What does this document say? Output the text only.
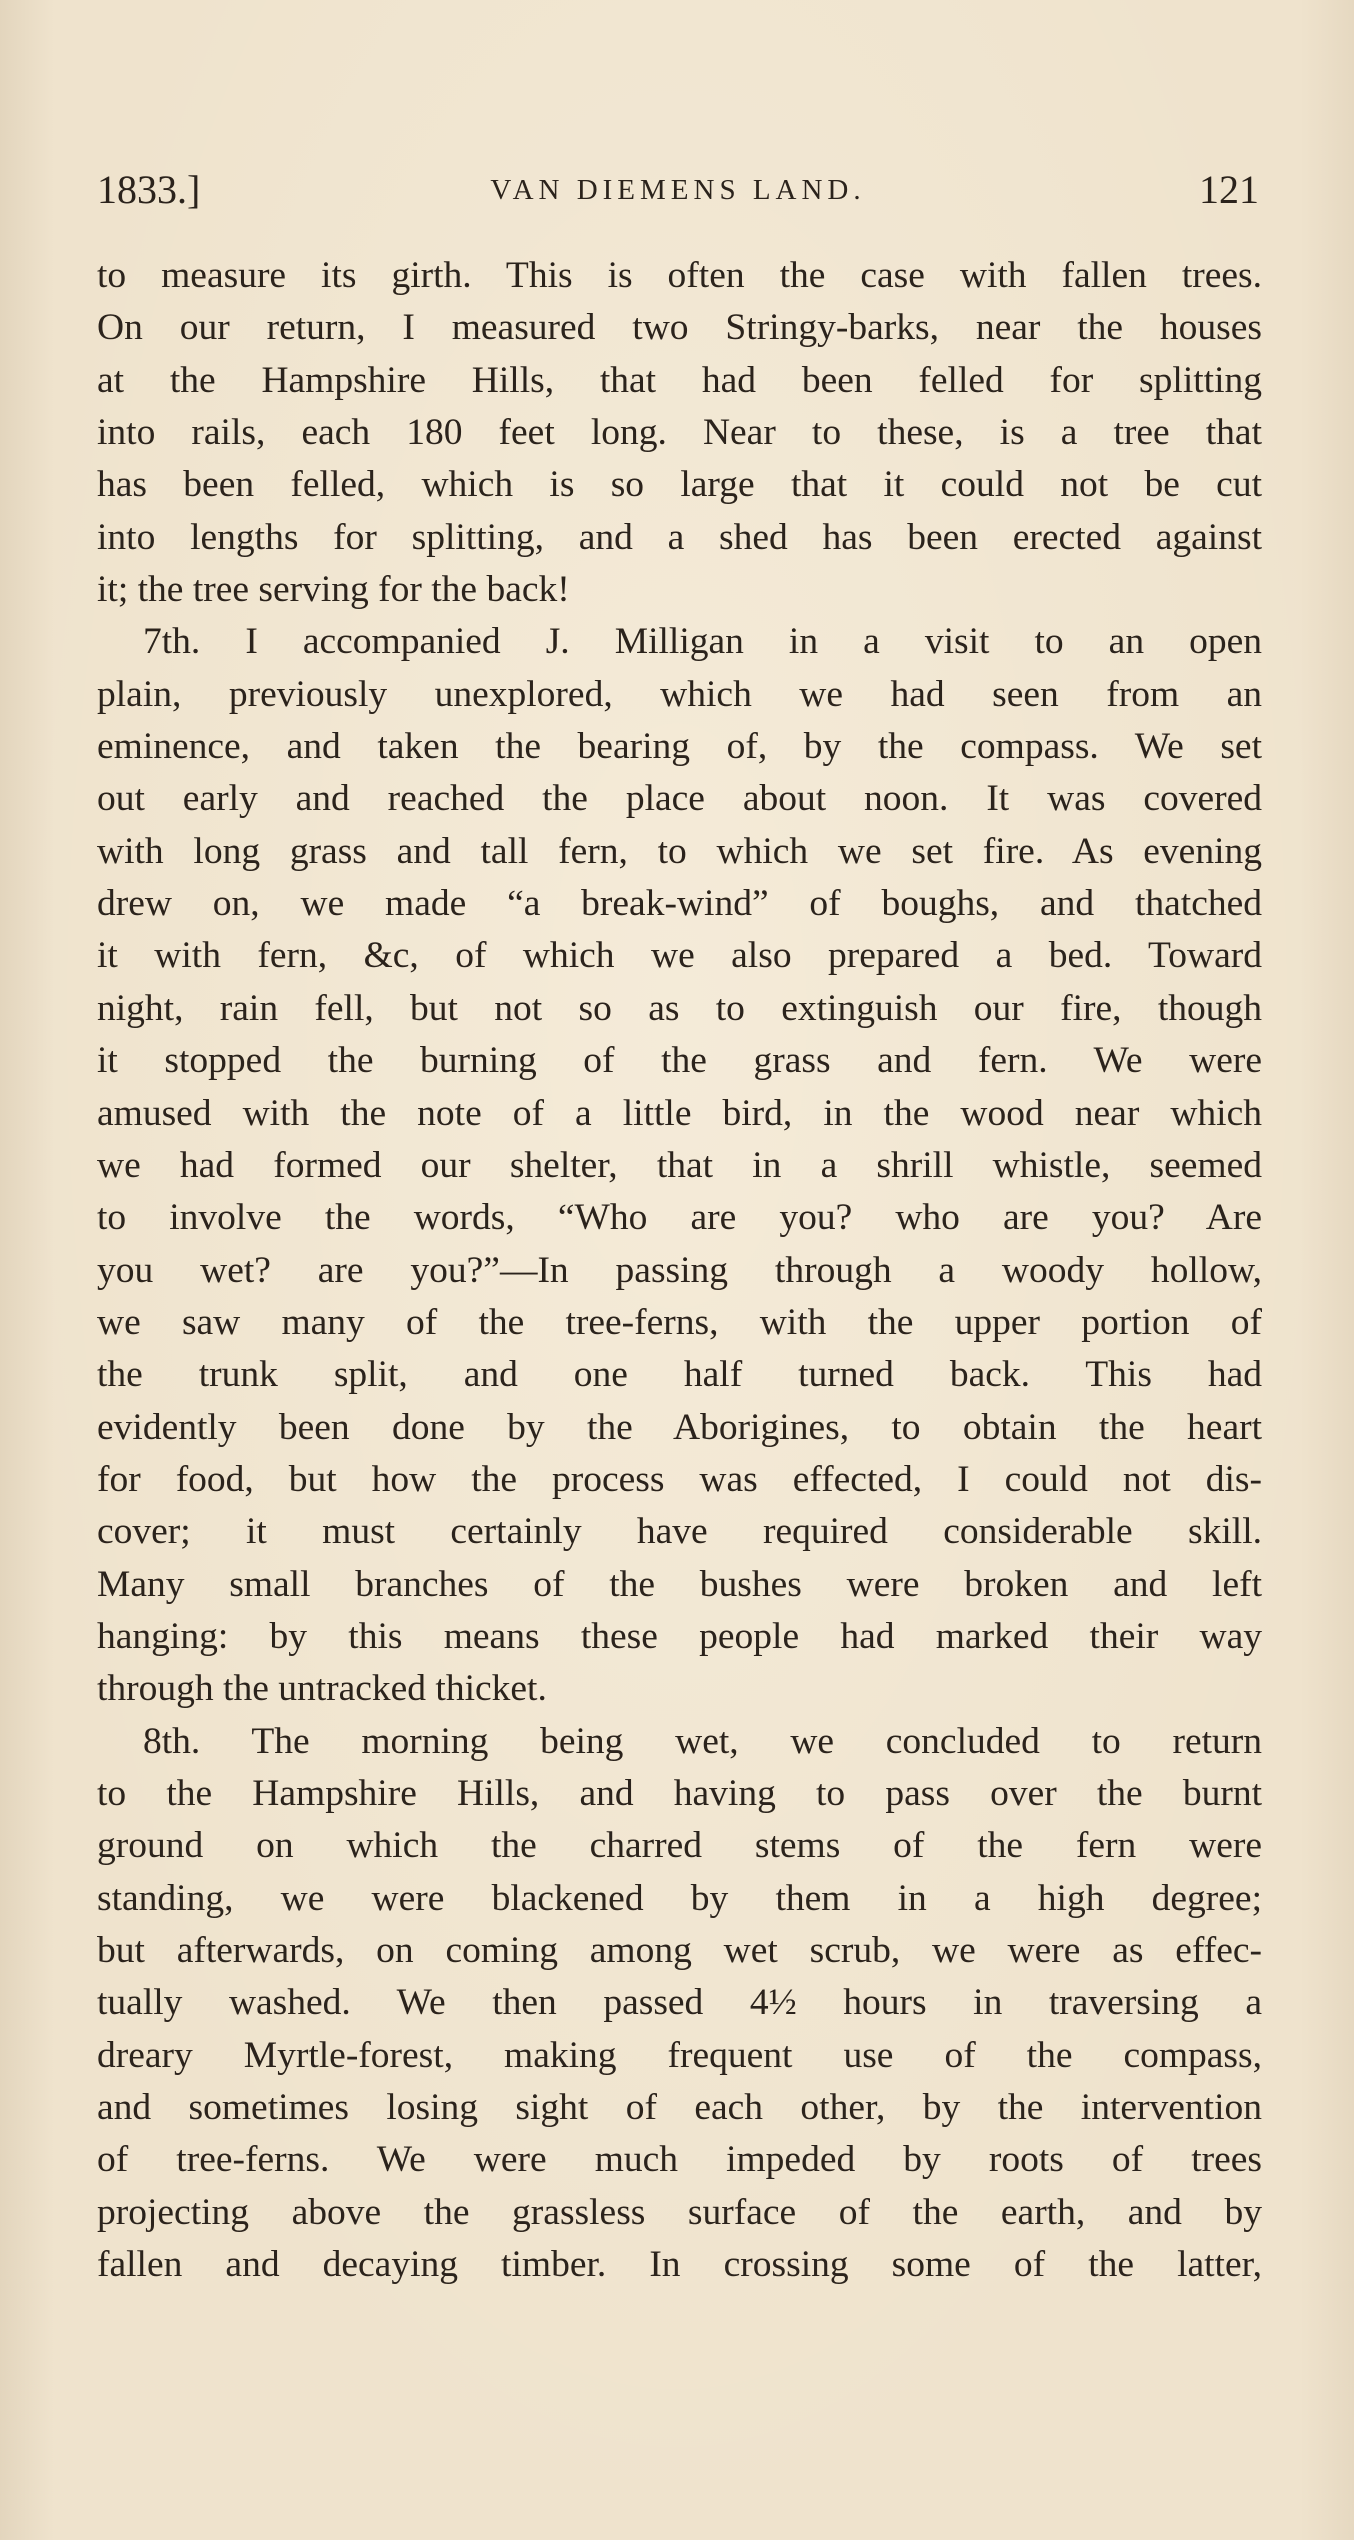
1833.]	VAN DIEMENS LAND.	121
to measure its girth. This is often the case with fallen trees.
On our return, I measured two Stringy-barks, near the houses
at the Hampshire Hills, that had been felled for splitting
into rails, each 180 feet long. Near to these, is a tree that
has been felled, which is so large that it could not be cut
into lengths for splitting, and a shed has been erected against
it; the tree serving for the back!
7th. I accompanied J. Milligan in a visit to an open
plain, previously unexplored, which we had seen from an
eminence, and taken the bearing of, by the compass. We set
out early and reached the place about noon. It was covered
with long grass and tall fern, to which we set fire. As evening
drew on, we made “a break-wind” of boughs, and thatched
it with fern, &c, of which we also prepared a bed. Toward
night, rain fell, but not so as to extinguish our fire, though
it stopped the burning of the grass and fern. We were
amused with the note of a little bird, in the wood near which
we had formed our shelter, that in a shrill whistle, seemed
to involve the words, “Who are you? who are you? Are
you wet? are you?”—In passing through a woody hollow,
we saw many of the tree-ferns, with the upper portion of
the trunk split, and one half turned back. This had
evidently been done by the Aborigines, to obtain the heart
for food, but how the process was effected, I could not dis-
cover; it must certainly have required considerable skill.
Many small branches of the bushes were broken and left
hanging: by this means these people had marked their way
through the untracked thicket.
8th. The morning being wet, we concluded to return
to the Hampshire Hills, and having to pass over the burnt
ground on which the charred stems of the fern were
standing, we were blackened by them in a high degree;
but afterwards, on coming among wet scrub, we were as effec-
tually washed. We then passed 4½ hours in traversing a
dreary Myrtle-forest, making frequent use of the compass,
and sometimes losing sight of each other, by the intervention
of tree-ferns. We were much impeded by roots of trees
projecting above the grassless surface of the earth, and by
fallen and decaying timber. In crossing some of the latter,
